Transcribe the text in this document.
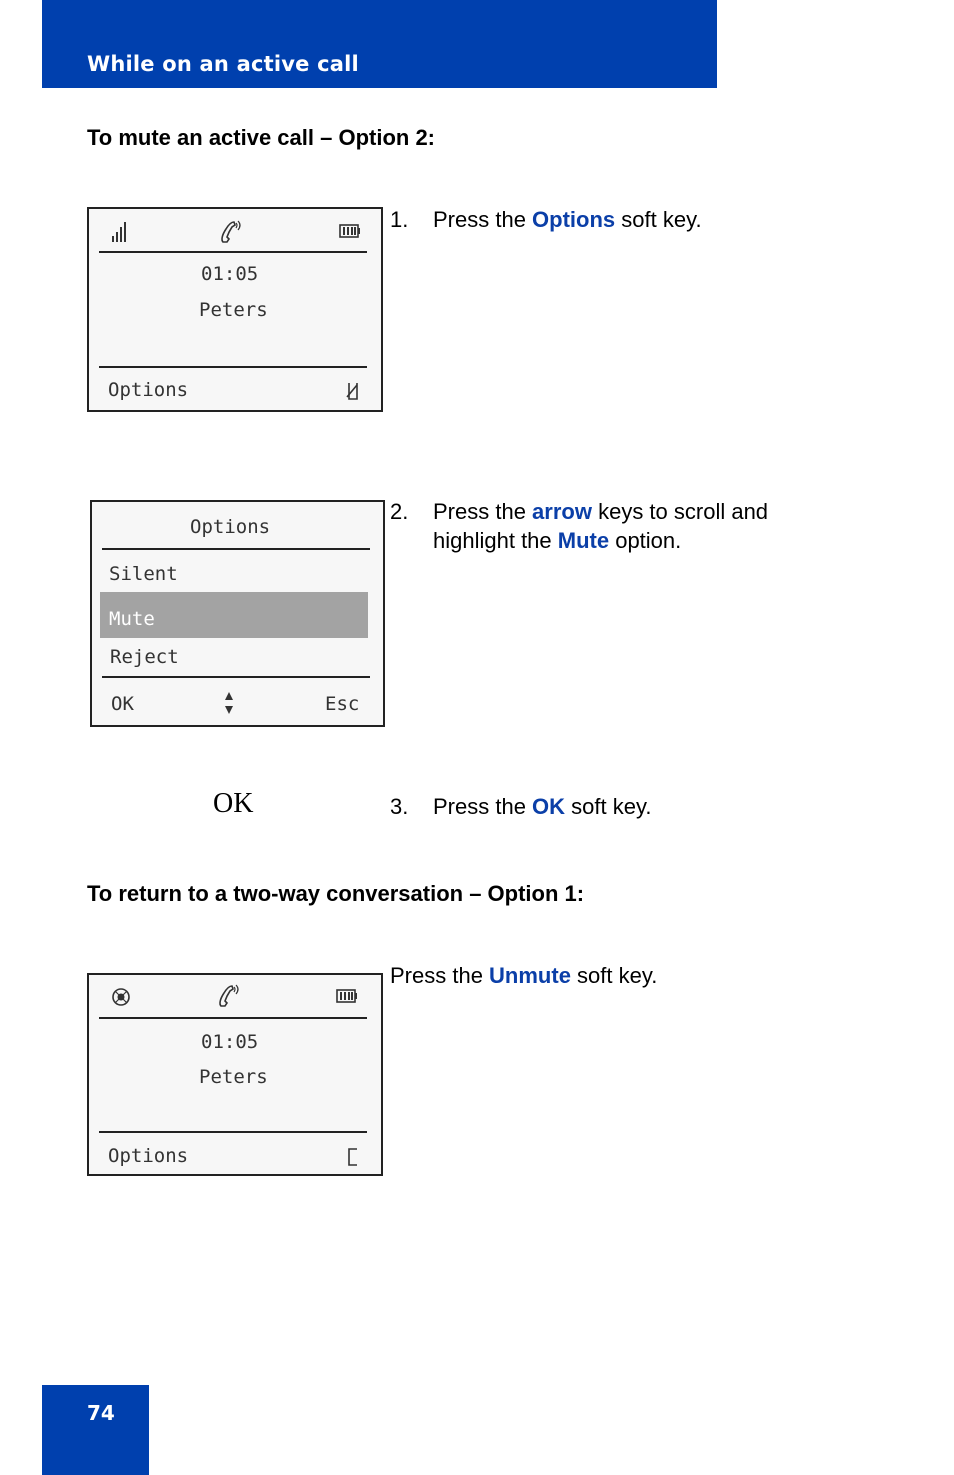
While on an active call
To mute an active call – Option 2:
01:05
Peters
Options
1. Press the Options soft key.
Options
Silent
Mute
Reject
OK	Esc
2. Press the arrow keys to scroll and highlight the Mute option.
OK	3. Press the OK soft key.
To return to a two-way conversation – Option 1:
01:05
Peters
Options
Press the Unmute soft key.
74
